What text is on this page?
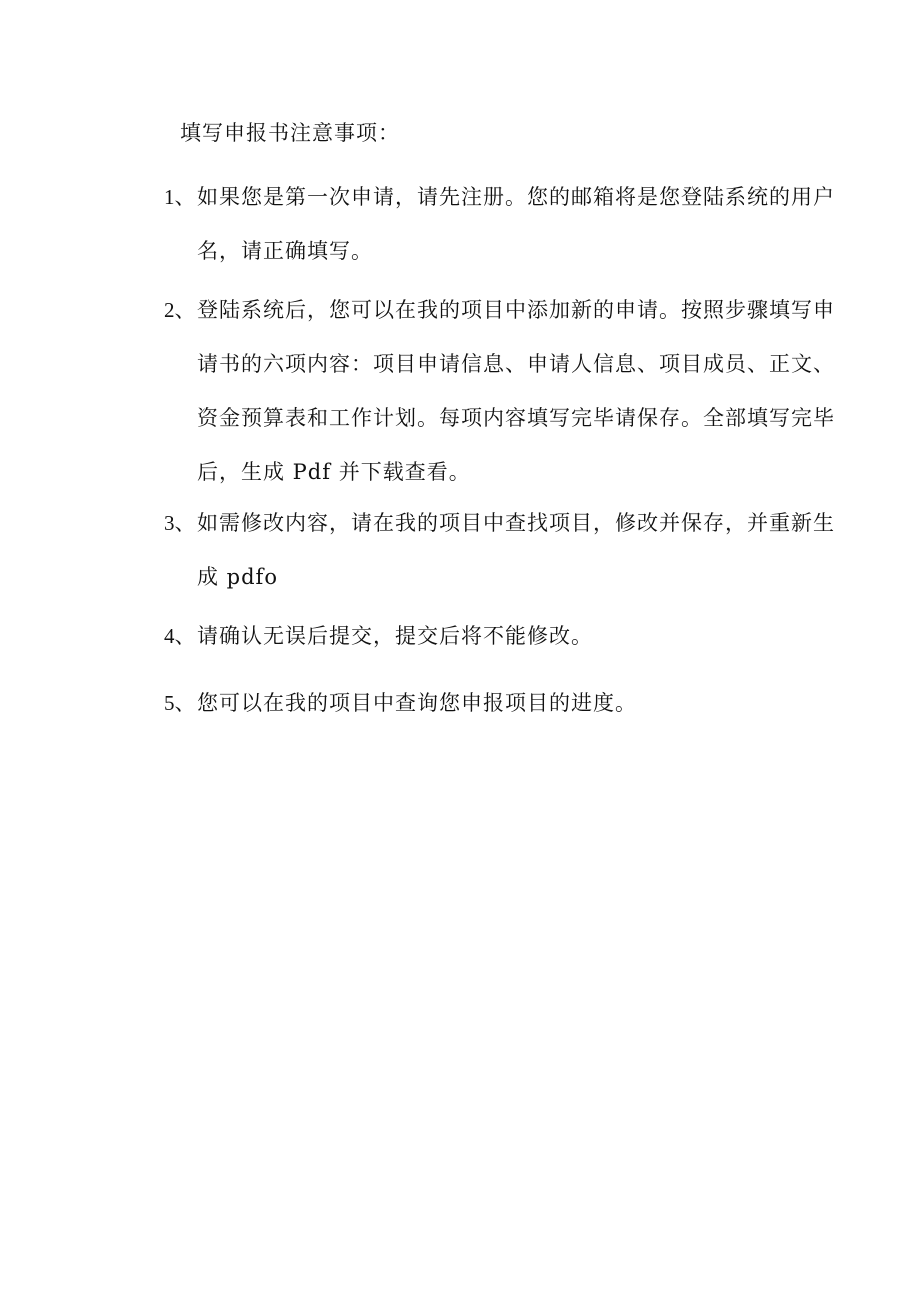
填写申报书注意事项：
1、 如果您是第一次申请，请先注册。您的邮箱将是您登陆系统的用户
名，请正确填写。
2、 登陆系统后，您可以在我的项目中添加新的申请。按照步骤填写申
请书的六项内容：项目申请信息、申请人信息、项目成员、正文、
资金预算表和工作计划。每项内容填写完毕请保存。全部填写完毕
后，生成 Pdf 并下载查看。
3、 如需修改内容，请在我的项目中查找项目，修改并保存，并重新生
成 pdfo
4、 请确认无误后提交，提交后将不能修改。
5、 您可以在我的项目中查询您申报项目的进度。
